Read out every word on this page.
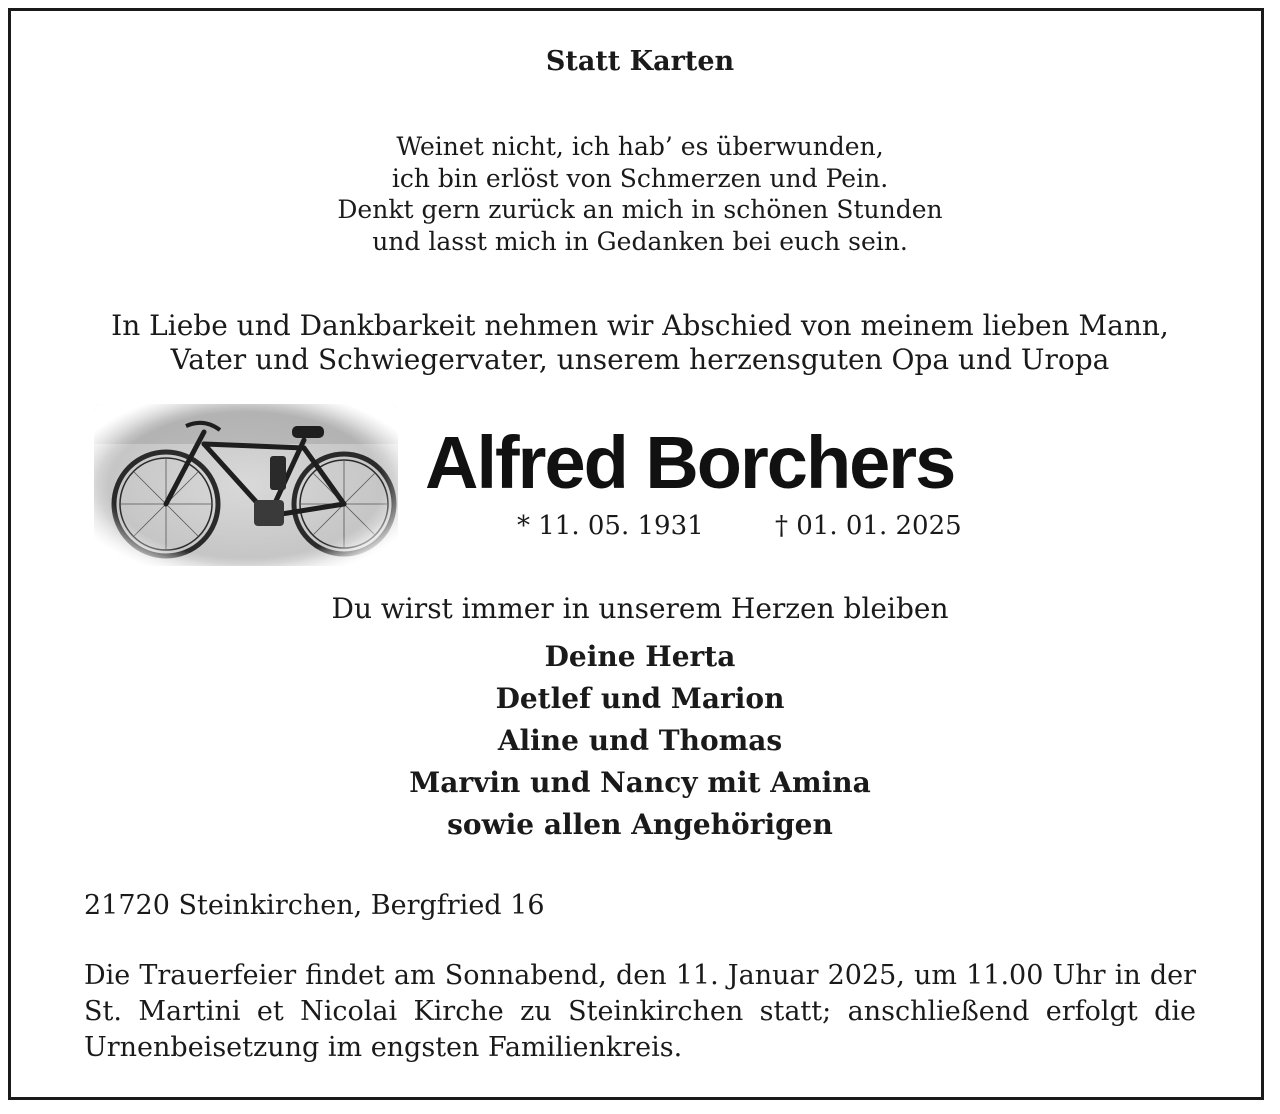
Statt Karten
Weinet nicht, ich hab’ es überwunden,
ich bin erlöst von Schmerzen und Pein.
Denkt gern zurück an mich in schönen Stunden
und lasst mich in Gedanken bei euch sein.
In Liebe und Dankbarkeit nehmen wir Abschied von meinem lieben Mann,
Vater und Schwiegervater, unserem herzensguten Opa und Uropa
Alfred Borchers
* 11. 05. 1931	† 01. 01. 2025
Du wirst immer in unserem Herzen bleiben
Deine Herta
Detlef und Marion
Aline und Thomas
Marvin und Nancy mit Amina
sowie allen Angehörigen
21720 Steinkirchen, Bergfried 16
Die Trauerfeier findet am Sonnabend, den 11. Januar 2025, um 11.00 Uhr in der St. Martini et Nicolai Kirche zu Steinkirchen statt; anschließend erfolgt die Urnenbeisetzung im engsten Familienkreis.
